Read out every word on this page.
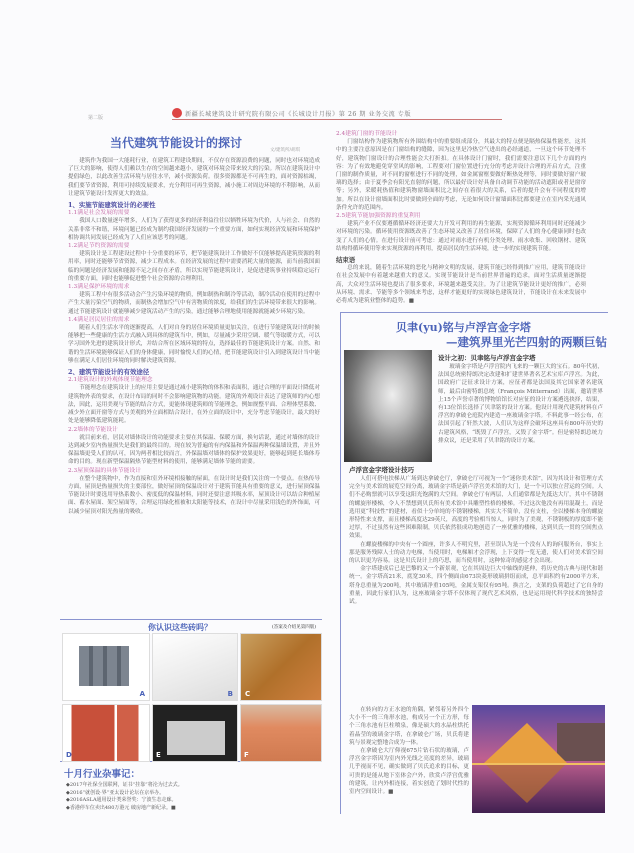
第二版
新疆长城建筑设计研究院有限公司《长城设计月报》第 26 期 业务交流 专版
当代建筑节能设计的探讨
文/建筑所/胡琪

建筑作为我国一大能耗行业，在建筑工程建设期间，不仅存在资源浪费的问题，同时也对环境造成了巨大的影响，使得人们赖以生存的空间越来越小，建筑对环境会带来较大的污染。所以在建筑设计中提倡绿色，以此改善生活环境与居住水平，减小资源负荷。很多资源都是不可再生的，面对资源枯竭，我们要节省资源，利用可持续发展要求，充分利用可再生资源，减小施工对周边环境的不利影响，从而让建筑节能设计发挥更大的效益。

1、实施节能建筑设计的必要性
1.1满足社会发展的需要

我国人口数量逐年增多，人们为了获得更多的经济利益往往以牺牲环境为代价，人与社会、自然的关系非常不和谐，环境问题已经成为制约我国经济发展的一个重要方面，如何实现经济发展和环境保护相协调共同发展已经成为了人们应该思考的问题。

1.2满足节约资源的需要

建筑设计是工程建设过程中十分重要的环节，把节能建筑设计工作做好不仅能够提高建筑资源的利用率，同时还能够节省资源，减少工程成本。在经济发展的过程中需要消耗大量的能源，而当前我国面临的问题是经济发展和能源不足之间存在矛盾，所以实现节能建筑设计，是促进建筑事业持续稳定运行的重要方面，同时也能够促进整个社会资源的合理利用。

1.3满足保护环境的需求

建筑工程中有很多活动会产生污染环境的物质，例如制热和制冷等活动，制冷活动在使用的过程中产生大量污染空气的物质，而制热会增加空气中有害物质的浓度，给我们的生活环境带来很大的影响。通过节能建筑设计就能够减少建筑活动产生的污染，通过能够合理地使用能源就能减少环境污染。

1.4满足居民居住的需求

随着人们生活水平的逐渐提高，人们对自身的居住环境质量更加关注，在进行节能建筑设计的时候能够把一些健康的生活方式融入到具体的建筑当中，例如，尽量减少采用空调、暖气等取暖方式，可以学习国外先进的建筑设计形式，并结合所在区域环境的特点，选择最佳的节能建筑设计方案。自然、和谐的生活环境能够保证人们的身体健康，同时愉悦人们的心情，把节能建筑设计引入到建筑设计当中能够在满足人们居住环境的同时解决建筑资源。

2、建筑节能设计的有效途径
2.1建筑设计的外观体现节能理念

节能理念在建筑设计上的应用主要是通过减小建筑物的体积和表面积，通过合理的平面设计降低对建筑物外表的要求，在设计布局的同时不会影响建筑物的功能。建筑的外观设计表达了建筑师的内心想法，因此，运用美观与节能的结合方式，更能体现建筑师的节能理念，例如规整平面、合理体型系数、减少外立面开窗等方式与美观的外立面相结合设计，在外立面的设计中，充分考虑节能设计，最大的好处是能够降低建筑能耗。

2.2墙体的节能设计

就目前来看，居民对墙体设计的功能要求主要在其保温、保暖方面，换句话说，通过对墙体的设计达到减少室内热量损失是我们的最终目的。现在较为普遍的有内保温和外保温两种保温墙设置，并且外保温墙更受人们的认可，因为两者相比较而言，外保温墙对墙体的保护效果更好，能够起到延长墙体寿命的目的。现在新型保温隔热节能型材料的使用，能够满足墙体节能的需要。

2.3屋顶保温的具体节能设计

在整个建筑物中，作为直接和室外环境相接触的屋面，在设计时是我们关注的一个要点。在热传导方面，屋顶是热量损失的主要部位，做好屋顶的保温设计对于建筑节能具有重要的意义，进行屋顶保温节能设计时要选用导热系数小、密度低的保温材料，同时还要注意其吸水率，屋顶设计可以结合种植屋面、蓄水屋面、架空屋面等，合理运用绿化植被和太阳能等技术，在设计中尽量采用浅色的外饰面，可以减少屋顶对阳光热量的吸收。

2.4建筑门窗的节能设计

门窗结构作为建筑物所有外围结构中的重要组成部分，其最大的特点便是隔热保温性能差，这其中的主要注意原因是在门窗结构的缝隙，因为这里是冷热空气进出的必经通道，一旦这个环节处理不好，建筑物门窗设计的合理性能会大打折扣。在具体设计门窗时，我们需要注意以下几个方面的内容：为了有效地避免穿堂风的影响，工程要对门窗位置进行充分的考虑并设计合理的开启方式，注重门窗的制作质量，对不同的窗框进行不同的处理，如金属窗框要做好断热处理等，同时要做好窗户玻璃的选择；由于夏季会有阳光直射的问题，所以最好设计好具备自动调节功能的活动遮阳或者是窗帘等；另外，采暖耗热值和建筑物窗墙面积比之间存在着很大的关系，后者的提升会有不同程度的增加。所以在设计窗墙面积比时要做到全面的考虑，无论如何设计窗墙面积比都要建立在室内采光通风条件允许的范围内。

2.5建筑节能加强资源的重复利用

建筑产业不仅要遵循循环经济还要大力开发可利用的再生能源，实现资源循环利用同时还能减少对环境的污染。循环使用资源既改善了生态环境又改善了居住环境，保障了人们的身心健康同时也改变了人们的心情。在进行设计前可考虑：通过对雨水进行有机分类处理、雨水收集、回收钢材、建筑结构得循环使用等来实现资源的再利用，提高居民的生活环境，进一步的实现建筑节能。

结束语

总的来说，随着生活环境的恶化与精神文明的发展，建筑节能已经得到推广应用，建筑节能设计在社会发展中有着越来越重大的意义。实现节能设计是当前世界普遍的追求，面对生活质量逐渐提高，大众对生活环境也提出了很多要求，环境越来越受关注。为了让建筑节能设计更好的推广，必须从环境、需求、节能等多个领域来考虑，这样才能更好的实现绿色建筑设计，节能设计在未来发展中必将成为建筑业整体的趋势。■

贝聿(yu)铭与卢浮宫金字塔
—建筑界里光芒四射的两颗巨钻
设计之初：贝聿铭与卢浮宫金字塔

玻璃金字塔是卢浮宫院内飞来的一颗巨大的宝石。80年代初，法国总统密特朗决定改建和扩建世界著名艺术宝库卢浮宫。为此，国政府广泛征求设计方案，应征者都是法国及其它国家著名建筑师，最后由密特朗总统（François Mitterrand）出面，邀请世界上15个声誉卓著的博物馆馆长对应征的设计方案遴选抉择，结果，有13位馆长选择了贝聿铭的设计方案。他设计用现代建筑材料在卢浮宫的拿破仑庭院内建造一座玻璃金字塔。不料此事一经公布，在法国引起了轩然大波，人们认为这样会破坏这座具有800年历史的古建筑风格，“既毁了卢浮宫，又毁了金字塔”。但是密特朗总统力排众议，还是采用了贝聿铭的设计方案。

卢浮宫金字塔设计技巧

人们可搭电扶梯从广场到达拿破仑厅，拿破仑厅可视为一个“迷你美术馆”，因为其设计和管理方式完全与美术馆的展览空间分离，玻璃金字塔是新卢浮宫美术馆的大门，是一个可以独立营运的空间。人们不必购票就可以享受这阳光饱满的大空间。拿破仑厅有两层，人们通常都是先抵达大厅，其中不锈钢的螺旋形楼梯，令人不禁想到贝氏所有美术馆中具雕塑性格的楼梯。不过这次他没有再用混凝土，而是选用更“科技性”的建材，看似十分单纯的不锈钢楼梯，其实大不简单，没有支柱，全以楼梯本身的螺旋形特性来支撑，而且楼梯高度达29英尺，高度的考验相当惊人，同时为了美观，不锈钢板的厚度即不能过厚，不过虽然有这些困难限制，贝氏依然很成功地创造了一座优雅的楼梯，达到贝氏一贯的空间焦点效果。

在螺旋楼梯的中央有一个圆座，许多人不明究里，甚至误认为是一个没有人的询问服务台，事实上那是服务残障人士的动力电梯，当使用时，电梯厢才会浮现，上下变得一览无遗，使人们对美术馆空间的认识更为容易。这是贝氏设计上的巧思，而当使用时，这种惊奇的感觉才会出现。

金字塔建成后已是巴黎的又一个新景观，它在其周边巨大中轴线的延伸，将历史的古典与现代和谐统一。金字塔高21米，底宽30米，四个侧面由673块菱形玻璃拼组而成，总平面积约有2000平方米，塔身总重量为200吨，其中玻璃净重105吨，金属支架仅有95吨。换言之，支架的负荷超过了它自身的重量，因此行家们认为，这座玻璃金字塔不仅体现了现代艺术风格，也是运用现代科学技术的独特尝试。

在转向的方正水池的角隅，紧邻着另外四个大小不一的三角形水池，构成另一个正方形，每个三角水池有巨柱喷泉，像是硕大的水晶柱烘托着晶莹的玻璃金字塔，在拿破仑广场，贝氏将建筑与景观完整地合成为一体。

在拿破仑大厅仰视675片钻石状的玻璃，卢浮宫金字塔因为室内外光线之亮度的差异，玻璃几乎视而不见，确实做到了贝氏追求的目标，更可贵的是能从地下室体会户外，欣赏卢浮宫优雅的建筑，让内外相连接，着实创造了划时代性的室内空间设计。■

你认识这些砖吗？	(答案及介绍见第四版)
A	B C
D	E	F
十月行业杂事记：
◆2017年社保全国联网，证书“挂靠”将沦为过去式。
◆2016“就创设·界”亚太设计论坛在京举办。
◆2016ASLA通用设计类荣誉奖：宁波生态走廊。
◆香港停车位卖出480万港元 破房地产新纪录。■
